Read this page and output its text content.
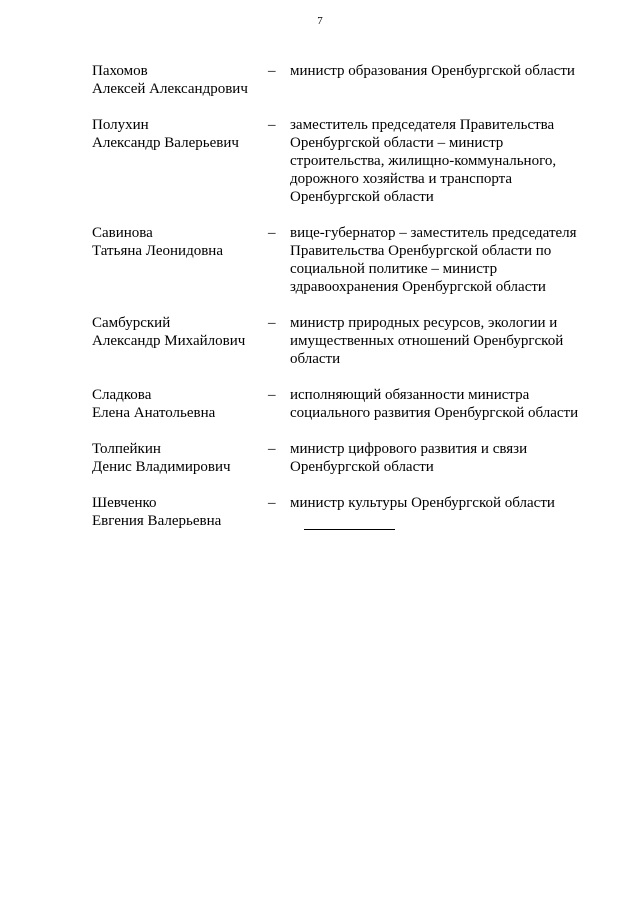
7
Пахомов
Алексей Александрович
– министр образования Оренбургской области
Полухин
Александр Валерьевич
– заместитель председателя Правительства Оренбургской области – министр строительства, жилищно-коммунального, дорожного хозяйства и транспорта Оренбургской области
Савинова
Татьяна Леонидовна
– вице-губернатор – заместитель председателя Правительства Оренбургской области по социальной политике – министр здравоохранения Оренбургской области
Самбурский
Александр Михайлович
– министр природных ресурсов, экологии и имущественных отношений Оренбургской области
Сладкова
Елена Анатольевна
– исполняющий обязанности министра социального развития Оренбургской области
Толпейкин
Денис Владимирович
– министр цифрового развития и связи Оренбургской области
Шевченко
Евгения Валерьевна
– министр культуры Оренбургской области
